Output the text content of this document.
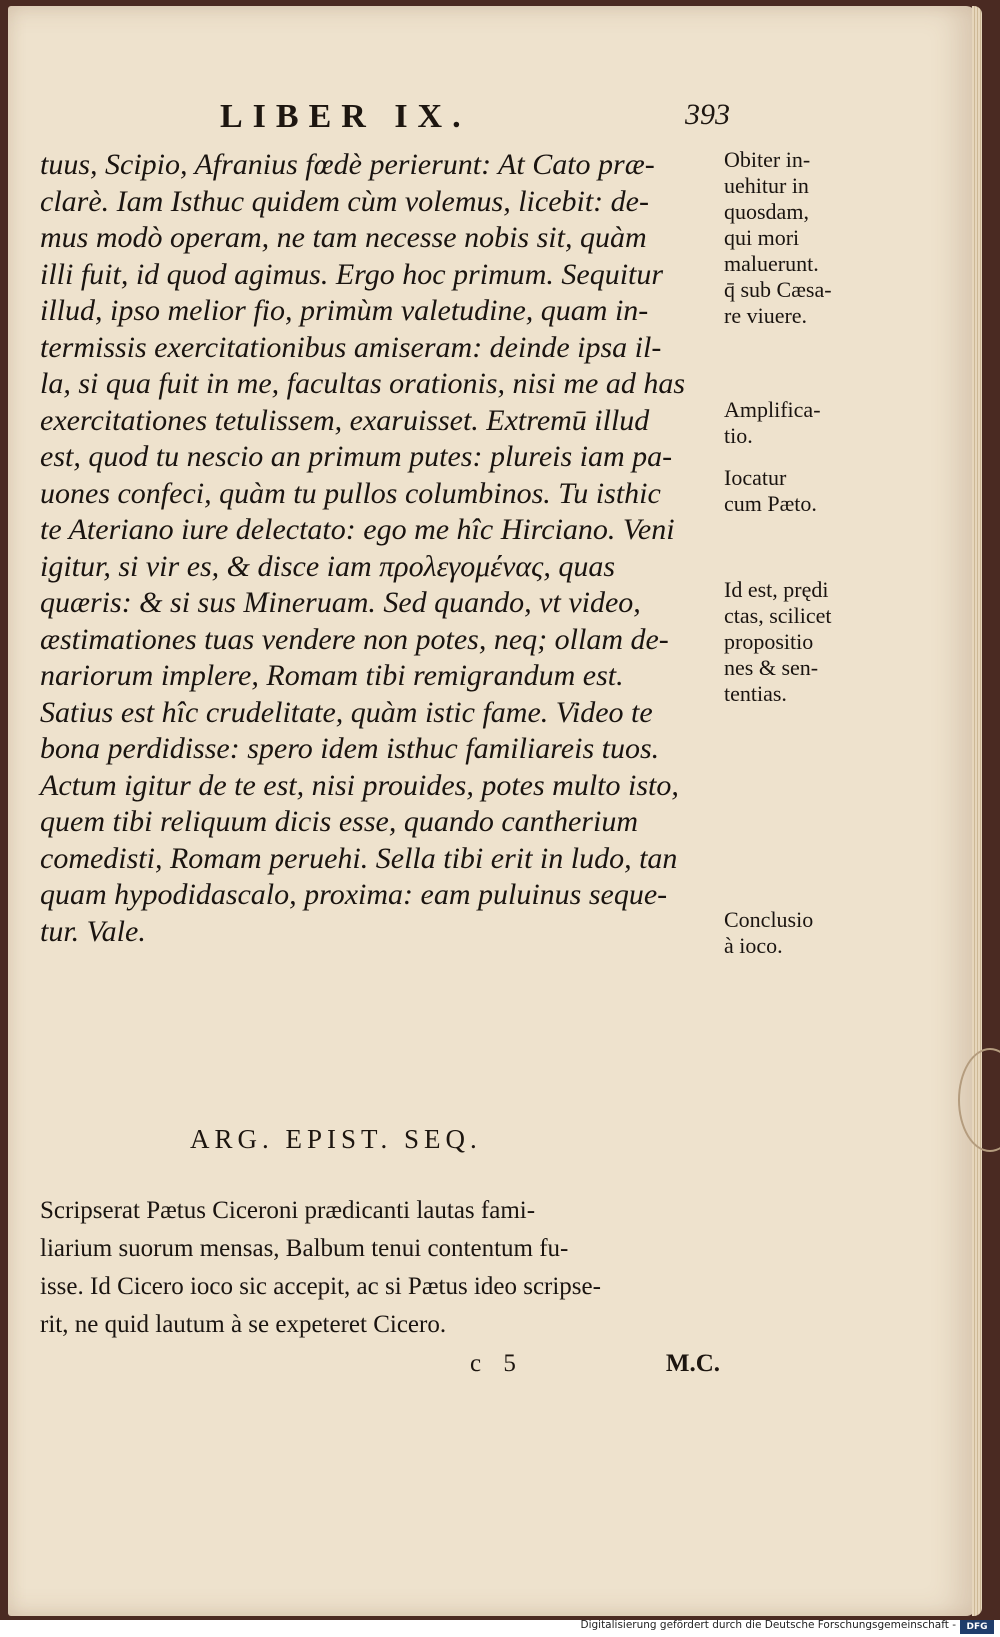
LIBER IX.	393
tuus, Scipio, Afranius fœdè perierunt: At Cato præ-
clarè. Iam Isthuc quidem cùm volemus, licebit: de-
mus modò operam, ne tam necesse nobis sit, quàm
illi fuit, id quod agimus. Ergo hoc primum. Sequitur
illud, ipso melior fio, primùm valetudine, quam in-
termissis exercitationibus amiseram: deinde ipsa il-
la, si qua fuit in me, facultas orationis, nisi me ad has
exercitationes tetulissem, exaruisset. Extremū illud
est, quod tu nescio an primum putes: plureis iam pa-
uones confeci, quàm tu pullos columbinos. Tu isthic
te Ateriano iure delectato: ego me hîc Hirciano. Veni
igitur, si vir es, & disce iam προλεγομένας, quas
quæris: & si sus Mineruam. Sed quando, vt video,
æstimationes tuas vendere non potes, neq; ollam de-
nariorum implere, Romam tibi remigrandum est.
Satius est hîc crudelitate, quàm istic fame. Video te
bona perdidisse: spero idem isthuc familiareis tuos.
Actum igitur de te est, nisi prouides, potes multo isto,
quem tibi reliquum dicis esse, quando cantherium
comedisti, Romam peruehi. Sella tibi erit in ludo, tan
quam hypodidascalo, proxima: eam puluinus seque-
tur. Vale.
Obiter in-
uehitur in
quosdam,
qui mori
maluerunt.
q̄ sub Cæsa-
re viuere.
Amplifica-
tio.
Iocatur
cum Pæto.
Id est, prędi
ctas, scilicet
propositio
nes & sen-
tentias.
Conclusio
à ioco.
ARG. EPIST. SEQ.
Scripserat Pætus Ciceroni prædicanti lautas fami-
liarium suorum mensas, Balbum tenui contentum fu-
isse. Id Cicero ioco sic accepit, ac si Pætus ideo scripse-
rit, ne quid lautum à se expeteret Cicero.
c 5	M.C.
Digitalisierung gefördert durch die Deutsche Forschungsgemeinschaft -	DFG
